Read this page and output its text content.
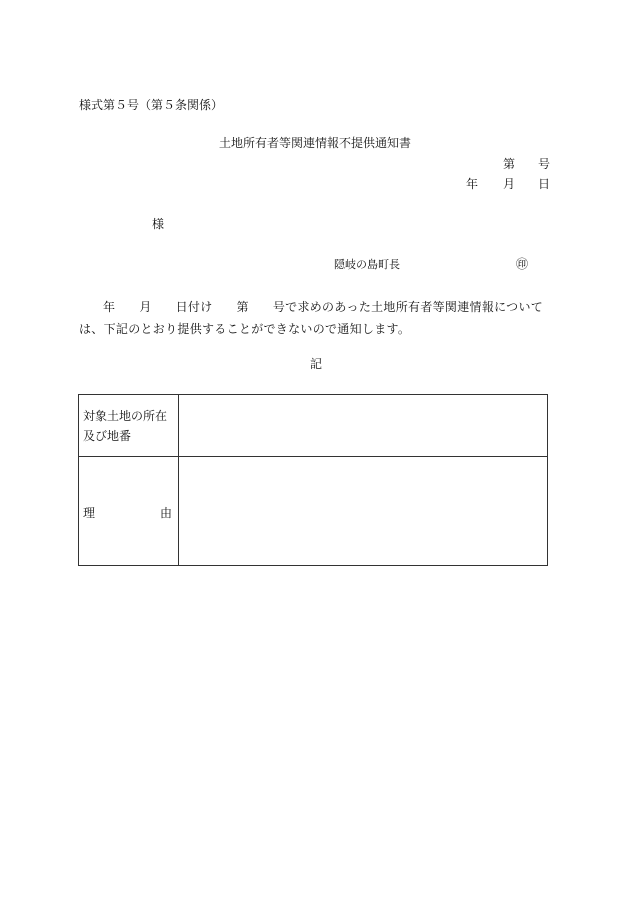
様式第５号（第５条関係）
土地所有者等関連情報不提供通知書
第 号
年 月 日
様
隠岐の島町長	㊞
年 月 日付け 第 号で求めのあった土地所有者等関連情報については、下記のとおり提供することができないので通知します。
記
対象土地の所在
及び地番
理	由
